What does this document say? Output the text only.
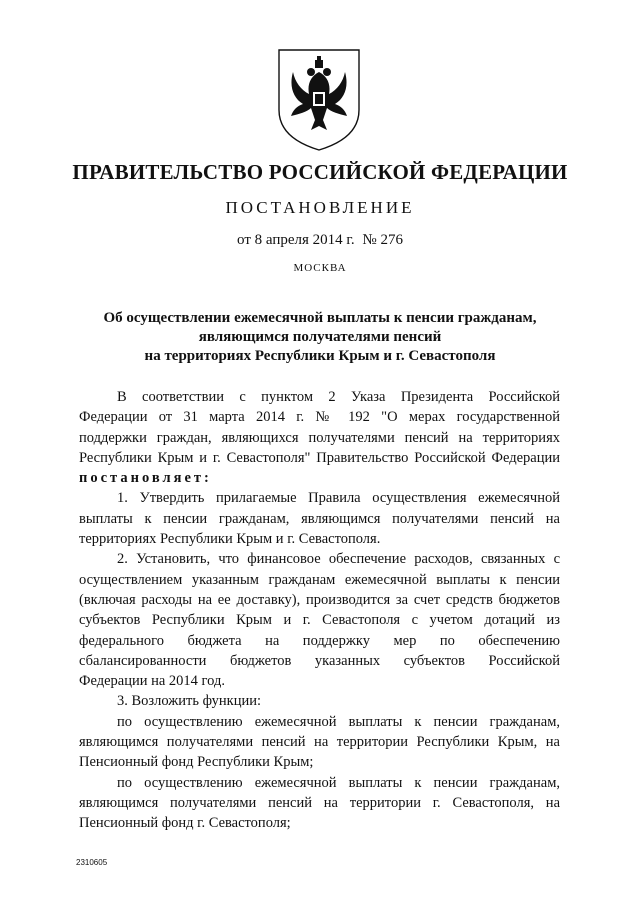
ПРАВИТЕЛЬСТВО РОССИЙСКОЙ ФЕДЕРАЦИИ
ПОСТАНОВЛЕНИЕ
от 8 апреля 2014 г. № 276
МОСКВА
Об осуществлении ежемесячной выплаты к пенсии гражданам,
являющимся получателями пенсий
на территориях Республики Крым и г. Севастополя
В соответствии с пунктом 2 Указа Президента Российской
Федерации от 31 марта 2014 г. № 192 "О мерах государственной
поддержки граждан, являющихся получателями пенсий на территориях
Республики Крым и г. Севастополя" Правительство Российской Федерации
постановляет:
1. Утвердить прилагаемые Правила осуществления ежемесячной
выплаты к пенсии гражданам, являющимся получателями пенсий на
территориях Республики Крым и г. Севастополя.
2. Установить, что финансовое обеспечение расходов, связанных с
осуществлением указанным гражданам ежемесячной выплаты к пенсии
(включая расходы на ее доставку), производится за счет средств бюджетов
субъектов Республики Крым и г. Севастополя с учетом дотаций из
федерального бюджета на поддержку мер по обеспечению
сбалансированности бюджетов указанных субъектов Российской
Федерации на 2014 год.
3. Возложить функции:
по осуществлению ежемесячной выплаты к пенсии гражданам,
являющимся получателями пенсий на территории Республики Крым, на
Пенсионный фонд Республики Крым;
по осуществлению ежемесячной выплаты к пенсии гражданам,
являющимся получателями пенсий на территории г. Севастополя, на
Пенсионный фонд г. Севастополя;
2310605
